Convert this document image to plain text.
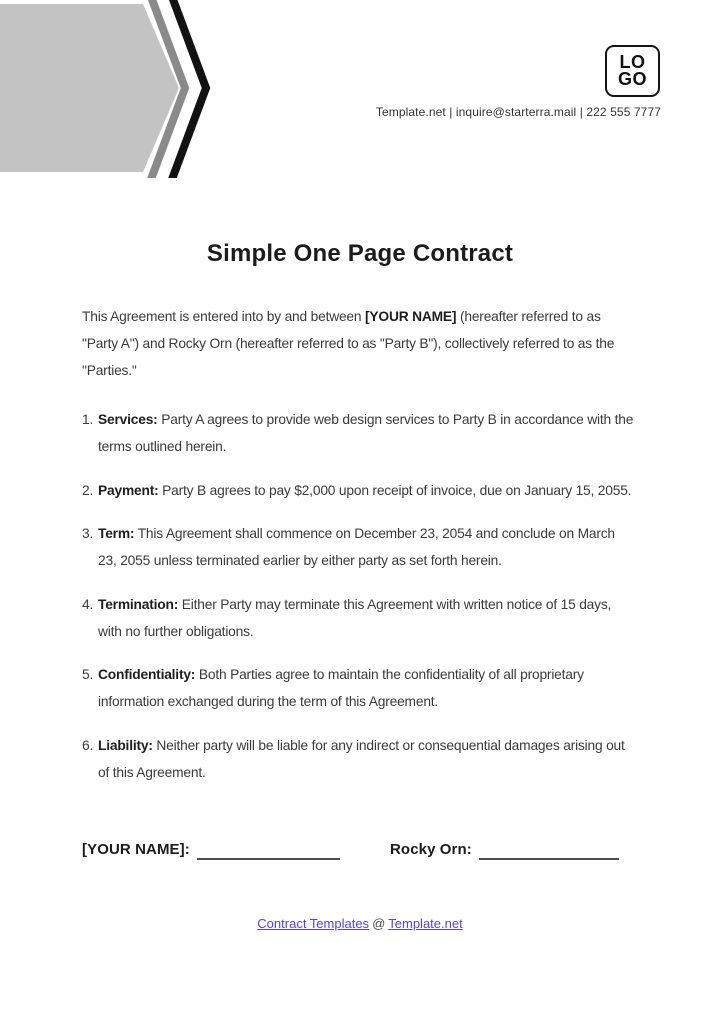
LO
GO
Template.net | inquire@starterra.mail | 222 555 7777
Simple One Page Contract

This Agreement is entered into by and between [YOUR NAME] (hereafter referred to as "Party A") and Rocky Orn (hereafter referred to as "Party B"), collectively referred to as the "Parties."

1. Services: Party A agrees to provide web design services to Party B in accordance with the terms outlined herein.
2. Payment: Party B agrees to pay $2,000 upon receipt of invoice, due on January 15, 2055.
3. Term: This Agreement shall commence on December 23, 2054 and conclude on March 23, 2055 unless terminated earlier by either party as set forth herein.
4. Termination: Either Party may terminate this Agreement with written notice of 15 days, with no further obligations.
5. Confidentiality: Both Parties agree to maintain the confidentiality of all proprietary information exchanged during the term of this Agreement.
6. Liability: Neither party will be liable for any indirect or consequential damages arising out of this Agreement.
[YOUR NAME]:	Rocky Orn:
Contract Templates @ Template.net
